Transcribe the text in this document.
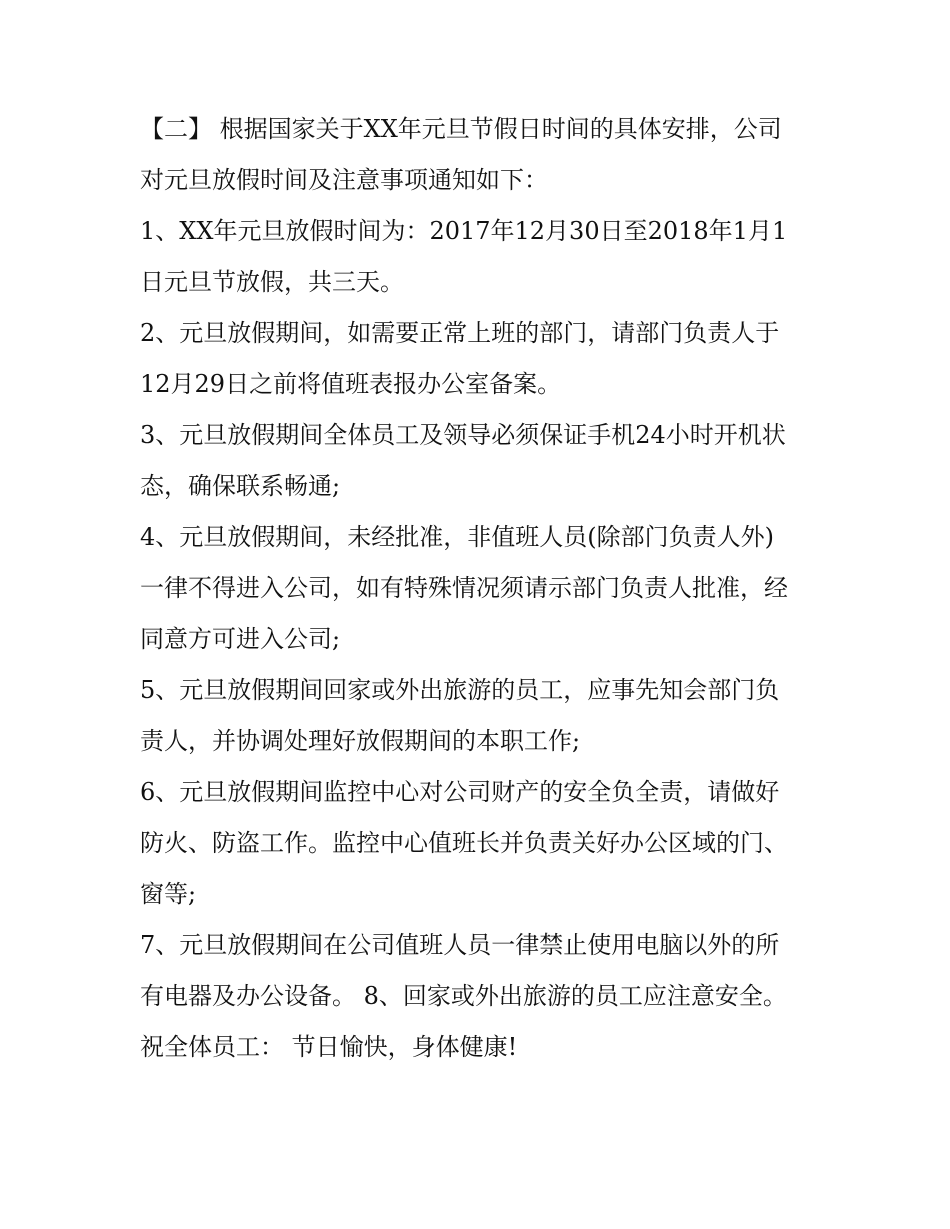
【二】 根据国家关于XX年元旦节假日时间的具体安排，公司
对元旦放假时间及注意事项通知如下：
1、XX年元旦放假时间为：2017年12月30日至2018年1月1
日元旦节放假，共三天。
2、元旦放假期间，如需要正常上班的部门，请部门负责人于
12月29日之前将值班表报办公室备案。
3、元旦放假期间全体员工及领导必须保证手机24小时开机状
态，确保联系畅通;
4、元旦放假期间，未经批准，非值班人员(除部门负责人外)
一律不得进入公司，如有特殊情况须请示部门负责人批准，经
同意方可进入公司;
5、元旦放假期间回家或外出旅游的员工，应事先知会部门负
责人，并协调处理好放假期间的本职工作;
6、元旦放假期间监控中心对公司财产的安全负全责，请做好
防火、防盗工作。监控中心值班长并负责关好办公区域的门、
窗等;
7、元旦放假期间在公司值班人员一律禁止使用电脑以外的所
有电器及办公设备。 8、回家或外出旅游的员工应注意安全。
祝全体员工： 节日愉快，身体健康!
